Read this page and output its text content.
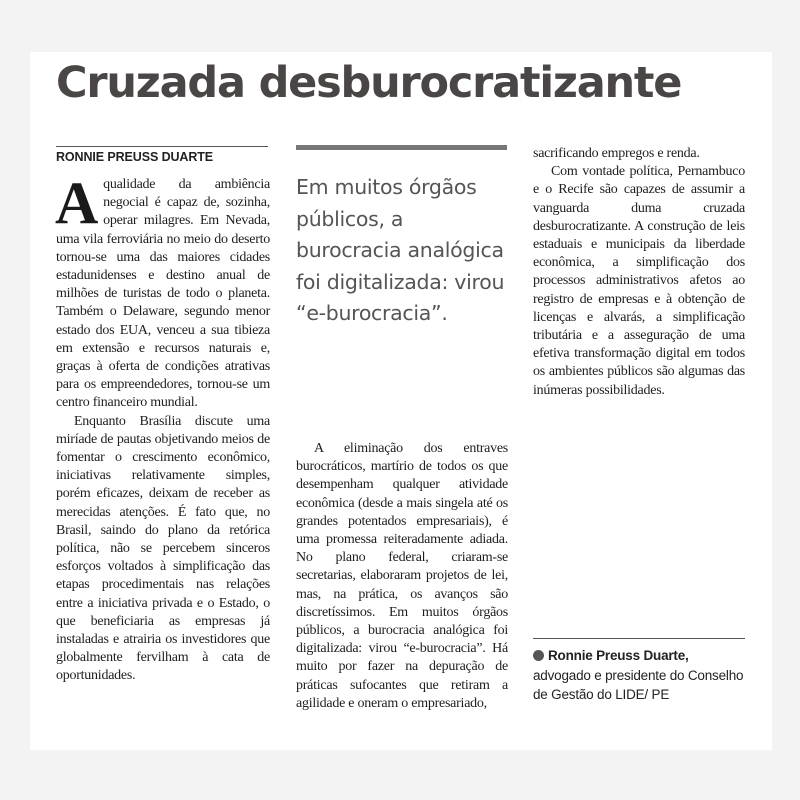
Cruzada desburocratizante
RONNIE PREUSS DUARTE

Em muitos órgãos públicos, a burocracia analógica foi digitalizada: virou “e-burocracia”.

A qualidade da ambiência negocial é capaz de, sozinha, operar milagres. Em Nevada, uma vila ferroviária no meio do deserto tornou-se uma das maiores cidades estadunidenses e destino anual de milhões de turistas de todo o planeta. Também o Delaware, segundo menor estado dos EUA, venceu a sua tibieza em extensão e recursos naturais e, graças à oferta de condições atrativas para os empreendedores, tornou-se um centro financeiro mundial.

Enquanto Brasília discute uma miríade de pautas objetivando meios de fomentar o crescimento econômico, iniciativas relativamente simples, porém eficazes, deixam de receber as merecidas atenções. É fato que, no Brasil, saindo do plano da retórica política, não se percebem sinceros esforços voltados à simplificação das etapas procedimentais nas relações entre a iniciativa privada e o Estado, o que beneficiaria as empresas já instaladas e atrairia os investidores que globalmente fervilham à cata de oportunidades.

A eliminação dos entraves burocráticos, martírio de todos os que desempenham qualquer atividade econômica (desde a mais singela até os grandes potentados empresariais), é uma promessa reiteradamente adiada. No plano federal, criaram-se secretarias, elaboraram projetos de lei, mas, na prática, os avanços são discretíssimos. Em muitos órgãos públicos, a burocracia analógica foi digitalizada: virou “e-burocracia”. Há muito por fazer na depuração de práticas sufocantes que retiram a agilidade e oneram o empresariado,

sacrificando empregos e renda.

Com vontade política, Pernambuco e o Recife são capazes de assumir a vanguarda duma cruzada desburocratizante. A construção de leis estaduais e municipais da liberdade econômica, a simplificação dos processos administrativos afetos ao registro de empresas e à obtenção de licenças e alvarás, a simplificação tributária e a asseguração de uma efetiva transformação digital em todos os ambientes públicos são algumas das inúmeras possibilidades.

Ronnie Preuss Duarte, advogado e presidente do Conselho de Gestão do LIDE/ PE
